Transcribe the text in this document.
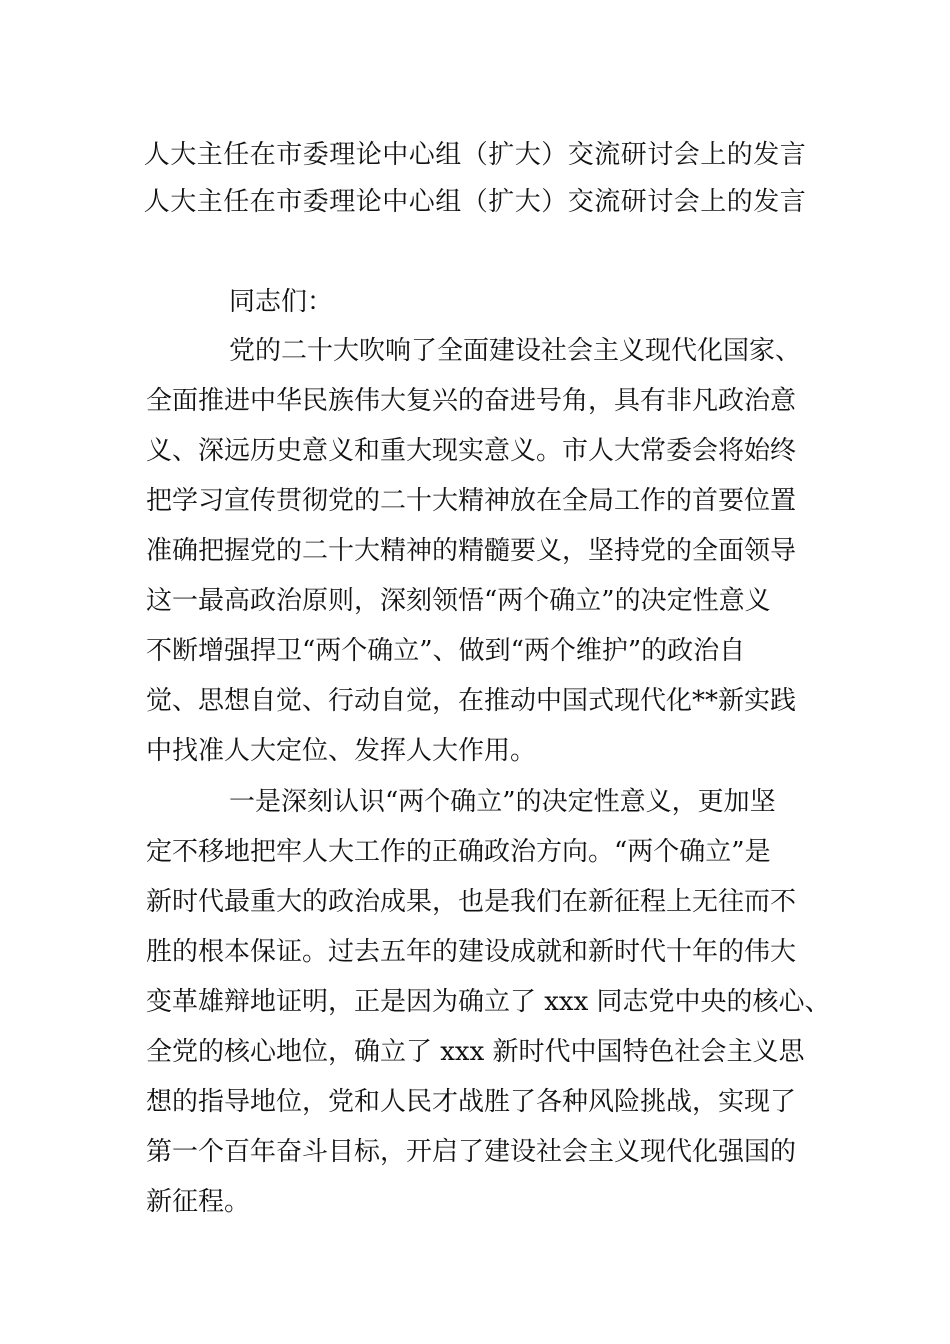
人大主任在市委理论中心组（扩大）交流研讨会上的发言
人大主任在市委理论中心组（扩大）交流研讨会上的发言
同志们：
党的二十大吹响了全面建设社会主义现代化国家、
全面推进中华民族伟大复兴的奋进号角，具有非凡政治意
义、深远历史意义和重大现实意义。市人大常委会将始终
把学习宣传贯彻党的二十大精神放在全局工作的首要位置
准确把握党的二十大精神的精髓要义，坚持党的全面领导
这一最高政治原则，深刻领悟“两个确立”的决定性意义
不断增强捍卫“两个确立”、做到“两个维护”的政治自
觉、思想自觉、行动自觉，在推动中国式现代化**新实践
中找准人大定位、发挥人大作用。
一是深刻认识“两个确立”的决定性意义，更加坚
定不移地把牢人大工作的正确政治方向。“两个确立”是
新时代最重大的政治成果，也是我们在新征程上无往而不
胜的根本保证。过去五年的建设成就和新时代十年的伟大
变革雄辩地证明，正是因为确立了 xxx 同志党中央的核心、
全党的核心地位，确立了 xxx 新时代中国特色社会主义思
想的指导地位，党和人民才战胜了各种风险挑战，实现了
第一个百年奋斗目标，开启了建设社会主义现代化强国的
新征程。
